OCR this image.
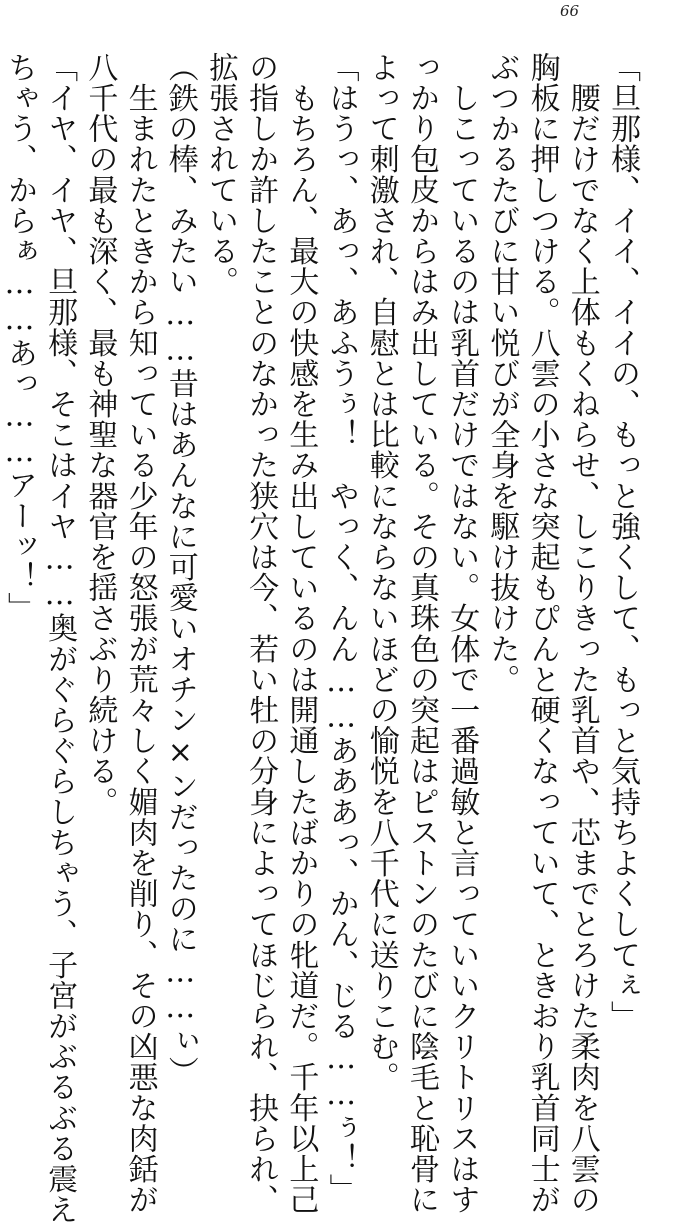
66
「旦那様、イイ、イイの、もっと強くして、もっと気持ちよくしてぇ」
　腰だけでなく上体もくねらせ、しこりきった乳首や、芯までとろけた柔肉を八雲の
胸板に押しつける。八雲の小さな突起もぴんと硬くなっていて、ときおり乳首同士が
ぶつかるたびに甘い悦びが全身を駆け抜けた。
　しこっているのは乳首だけではない。女体で一番過敏と言っていいクリトリスはす
っかり包皮からはみ出している。その真珠色の突起はピストンのたびに陰毛と恥骨に
よって刺激され、自慰とは比較にならないほどの愉悦を八千代に送りこむ。
「はうっ、あっ、あふうぅ！　やっく、んん……あああっ、かん、じる……ぅ！」
　もちろん、最大の快感を生み出しているのは開通したばかりの牝道だ。千年以上己
の指しか許したことのなかった狭穴は今、若い牡の分身によってほじられ、抉られ、
拡張されている。
（鉄の棒、みたい……昔はあんなに可愛いオチン×ンだったのに……ぃ）
　生まれたときから知っている少年の怒張が荒々しく媚肉を削り、その凶悪な肉銛が
八千代の最も深く、最も神聖な器官を揺さぶり続ける。
「イヤ、イヤ、旦那様、そこはイヤ……奥がぐらぐらしちゃう、子宮がぶるぶる震え
ちゃう、からぁ……あっ……アーッ！」
